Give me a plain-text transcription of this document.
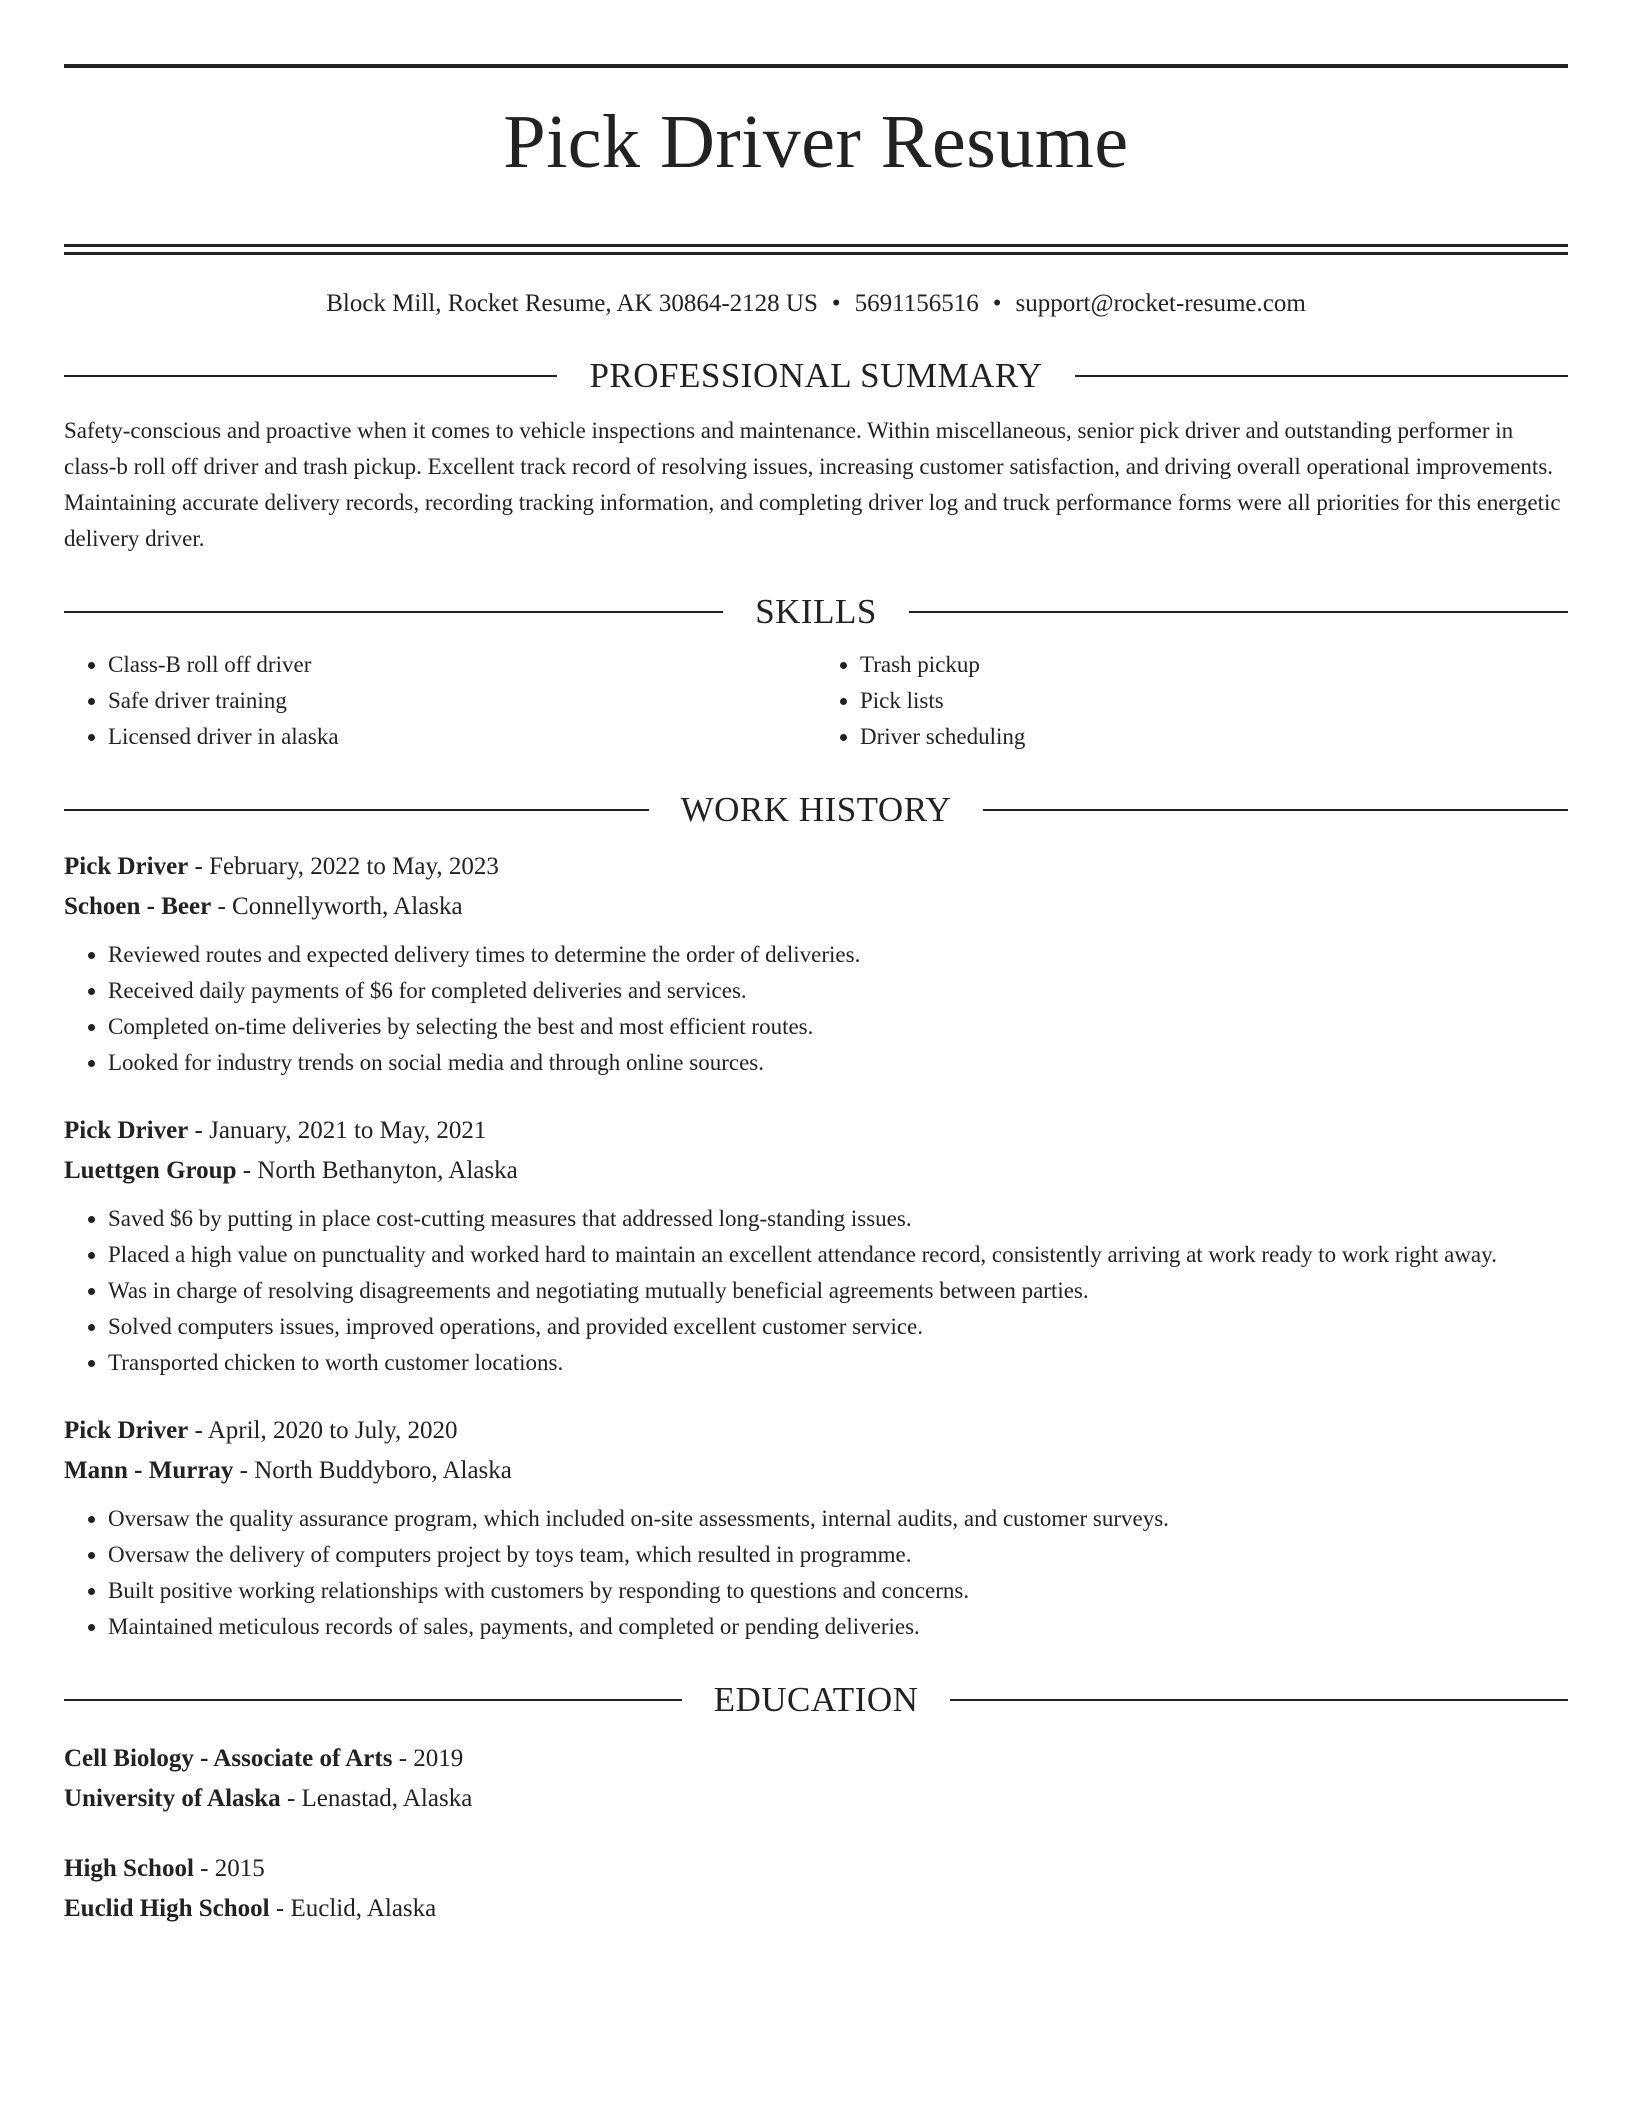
Pick Driver Resume
Block Mill, Rocket Resume, AK 30864-2128 US • 5691156516 • support@rocket-resume.com
PROFESSIONAL SUMMARY
Safety-conscious and proactive when it comes to vehicle inspections and maintenance. Within miscellaneous, senior pick driver and outstanding performer in class-b roll off driver and trash pickup. Excellent track record of resolving issues, increasing customer satisfaction, and driving overall operational improvements. Maintaining accurate delivery records, recording tracking information, and completing driver log and truck performance forms were all priorities for this energetic delivery driver.
SKILLS
• Class-B roll off driver
• Safe driver training
• Licensed driver in alaska
• Trash pickup
• Pick lists
• Driver scheduling
WORK HISTORY
Pick Driver - February, 2022 to May, 2023
Schoen - Beer - Connellyworth, Alaska
• Reviewed routes and expected delivery times to determine the order of deliveries.
• Received daily payments of $6 for completed deliveries and services.
• Completed on-time deliveries by selecting the best and most efficient routes.
• Looked for industry trends on social media and through online sources.
Pick Driver - January, 2021 to May, 2021
Luettgen Group - North Bethanyton, Alaska
• Saved $6 by putting in place cost-cutting measures that addressed long-standing issues.
• Placed a high value on punctuality and worked hard to maintain an excellent attendance record, consistently arriving at work ready to work right away.
• Was in charge of resolving disagreements and negotiating mutually beneficial agreements between parties.
• Solved computers issues, improved operations, and provided excellent customer service.
• Transported chicken to worth customer locations.
Pick Driver - April, 2020 to July, 2020
Mann - Murray - North Buddyboro, Alaska
• Oversaw the quality assurance program, which included on-site assessments, internal audits, and customer surveys.
• Oversaw the delivery of computers project by toys team, which resulted in programme.
• Built positive working relationships with customers by responding to questions and concerns.
• Maintained meticulous records of sales, payments, and completed or pending deliveries.
EDUCATION
Cell Biology - Associate of Arts - 2019
University of Alaska - Lenastad, Alaska
High School - 2015
Euclid High School - Euclid, Alaska
